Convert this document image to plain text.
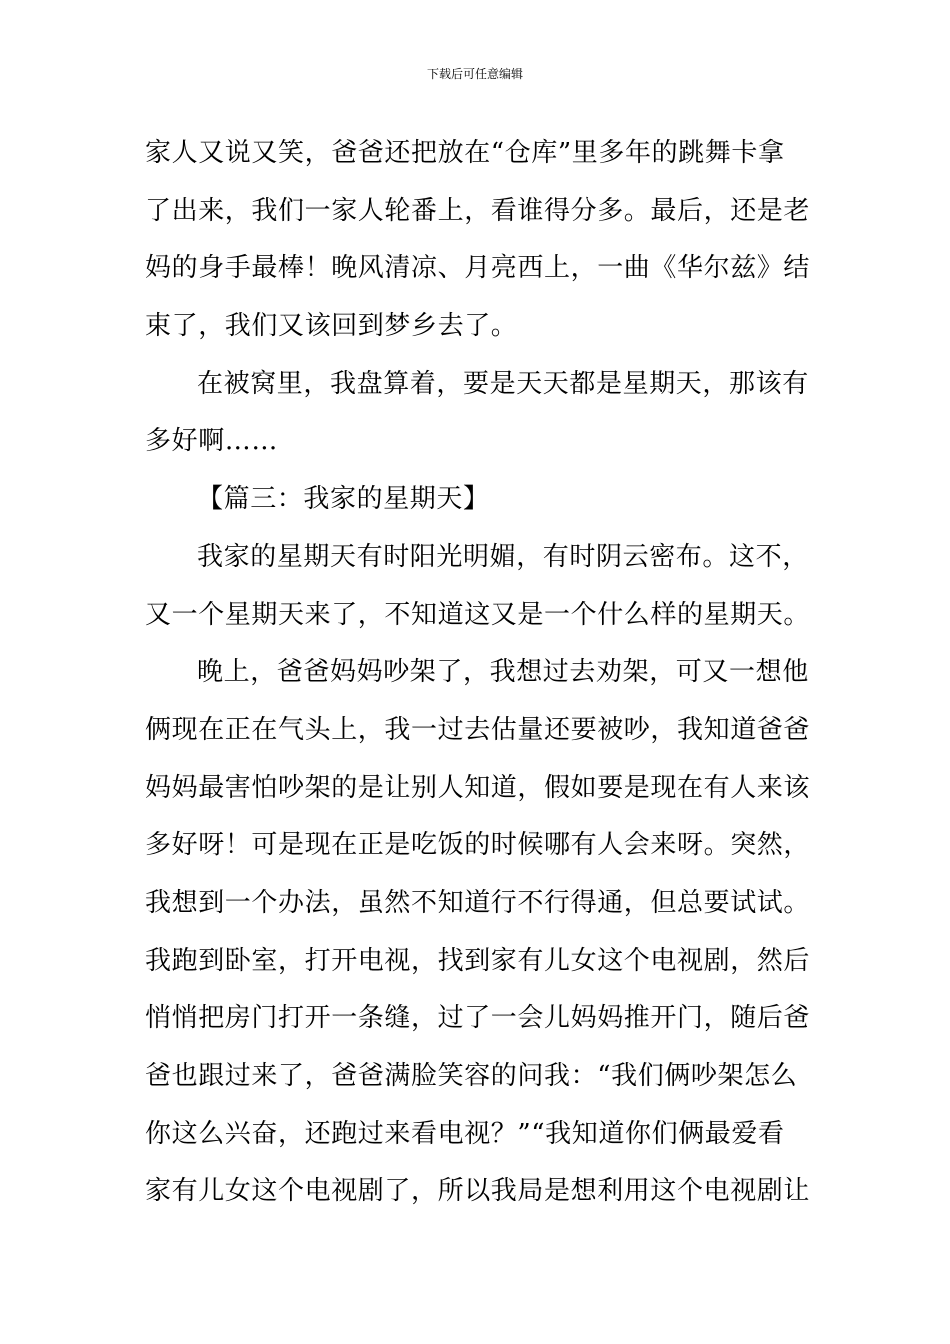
下载后可任意编辑
家人又说又笑，爸爸还把放在“仓库”里多年的跳舞卡拿
了出来，我们一家人轮番上，看谁得分多。最后，还是老
妈的身手最棒！晚风清凉、月亮西上，一曲《华尔兹》结
束了，我们又该回到梦乡去了。
在被窝里，我盘算着，要是天天都是星期天，那该有
多好啊……
【篇三：我家的星期天】
我家的星期天有时阳光明媚，有时阴云密布。这不，
又一个星期天来了，不知道这又是一个什么样的星期天。
晚上，爸爸妈妈吵架了，我想过去劝架，可又一想他
俩现在正在气头上，我一过去估量还要被吵，我知道爸爸
妈妈最害怕吵架的是让别人知道，假如要是现在有人来该
多好呀！可是现在正是吃饭的时候哪有人会来呀。突然，
我想到一个办法，虽然不知道行不行得通，但总要试试。
我跑到卧室，打开电视，找到家有儿女这个电视剧，然后
悄悄把房门打开一条缝，过了一会儿妈妈推开门，随后爸
爸也跟过来了，爸爸满脸笑容的问我：“我们俩吵架怎么
你这么兴奋，还跑过来看电视？”“我知道你们俩最爱看
家有儿女这个电视剧了，所以我局是想利用这个电视剧让
